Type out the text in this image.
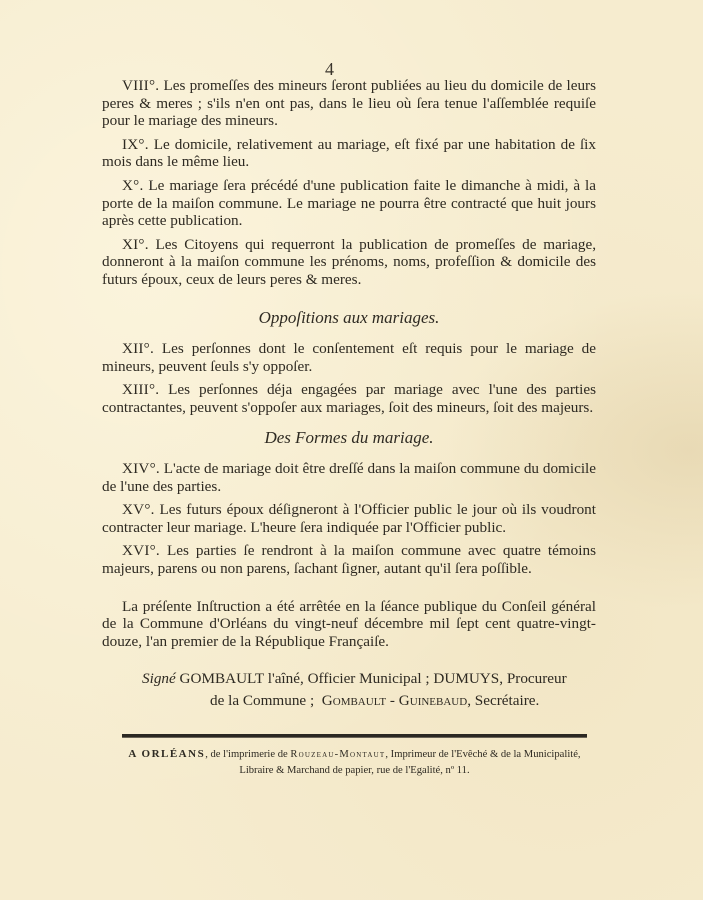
4

VIII°. Les promeſſes des mineurs ſeront publiées au lieu du domicile de leurs peres & meres ; s'ils n'en ont pas, dans le lieu où ſera tenue l'aſſemblée requiſe pour le mariage des mineurs.

IX°. Le domicile, relativement au mariage, eſt fixé par une habitation de ſix mois dans le même lieu.

X°. Le mariage ſera précédé d'une publication faite le dimanche à midi, à la porte de la maiſon commune. Le mariage ne pourra être contracté que huit jours après cette publication.

XI°. Les Citoyens qui requerront la publication de promeſſes de mariage, donneront à la maiſon commune les prénoms, noms, profeſſion & domicile des futurs époux, ceux de leurs peres & meres.

Oppoſitions aux mariages.

XII°. Les perſonnes dont le conſentement eſt requis pour le mariage de mineurs, peuvent ſeuls s'y oppoſer.

XIII°. Les perſonnes déja engagées par mariage avec l'une des parties contractantes, peuvent s'oppoſer aux mariages, ſoit des mineurs, ſoit des majeurs.

Des Formes du mariage.

XIV°. L'acte de mariage doit être dreſſé dans la maiſon commune du domicile de l'une des parties.

XV°. Les futurs époux déſigneront à l'Officier public le jour où ils voudront contracter leur mariage. L'heure ſera indiquée par l'Officier public.

XVI°. Les parties ſe rendront à la maiſon commune avec quatre témoins majeurs, parens ou non parens, ſachant ſigner, autant qu'il ſera poſſible.

La préſente Inſtruction a été arrêtée en la ſéance publique du Conſeil général de la Commune d'Orléans du vingt-neuf décembre mil ſept cent quatre-vingt-douze, l'an premier de la République Françaiſe.

Signé GOMBAULT l'aîné, Officier Municipal ; DUMUYS, Procureur
de la Commune ; Gombault - Guinebaud, Secrétaire.
A ORLÉANS, de l'imprimerie de Rouzeau-Montaut, Imprimeur de l'Evêché & de la Municipalité, Libraire & Marchand de papier, rue de l'Egalité, nº 11.
